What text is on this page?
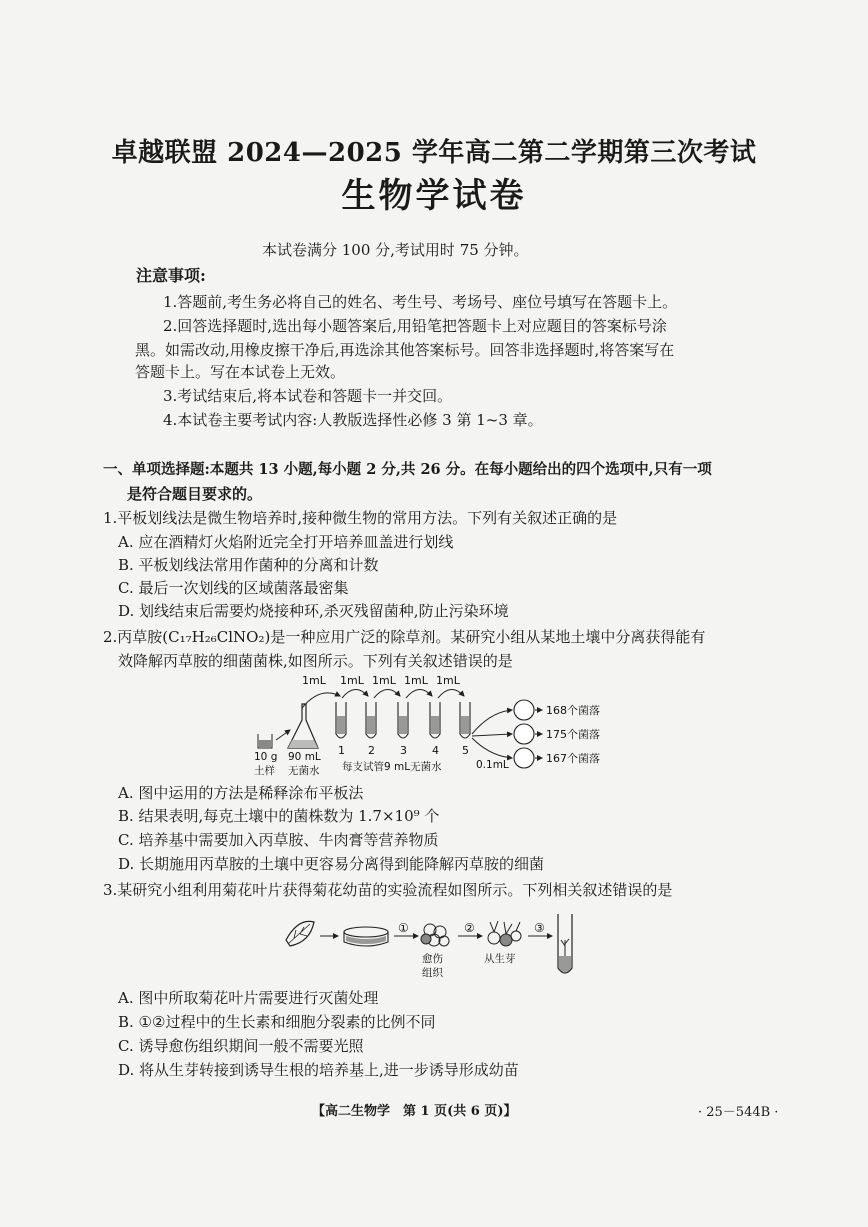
卓越联盟 2024—2025 学年高二第二学期第三次考试
生物学试卷
本试卷满分 100 分,考试用时 75 分钟。
注意事项:
1.答题前,考生务必将自己的姓名、考生号、考场号、座位号填写在答题卡上。
2.回答选择题时,选出每小题答案后,用铅笔把答题卡上对应题目的答案标号涂
黑。如需改动,用橡皮擦干净后,再选涂其他答案标号。回答非选择题时,将答案写在
答题卡上。写在本试卷上无效。
3.考试结束后,将本试卷和答题卡一并交回。
4.本试卷主要考试内容:人教版选择性必修 3 第 1~3 章。
一、单项选择题:本题共 13 小题,每小题 2 分,共 26 分。在每小题给出的四个选项中,只有一项
是符合题目要求的。
1.平板划线法是微生物培养时,接种微生物的常用方法。下列有关叙述正确的是
A. 应在酒精灯火焰附近完全打开培养皿盖进行划线
B. 平板划线法常用作菌种的分离和计数
C. 最后一次划线的区域菌落最密集
D. 划线结束后需要灼烧接种环,杀灭残留菌种,防止污染环境
2.丙草胺(C₁₇H₂₆ClNO₂)是一种应用广泛的除草剂。某研究小组从某地土壤中分离获得能有
效降解丙草胺的细菌菌株,如图所示。下列有关叙述错误的是
1mL 1mL 1mL 1mL 1mL
1 2 3 4 5
10 g
土样
90 mL
无菌水 每支试管9 mL无菌水	0.1mL
168个菌落
175个菌落
167个菌落
A. 图中运用的方法是稀释涂布平板法
B. 结果表明,每克土壤中的菌株数为 1.7×10⁹ 个
C. 培养基中需要加入丙草胺、牛肉膏等营养物质
D. 长期施用丙草胺的土壤中更容易分离得到能降解丙草胺的细菌
3.某研究小组利用菊花叶片获得菊花幼苗的实验流程如图所示。下列相关叙述错误的是
①	②	③
愈伤
组织
从生芽
A. 图中所取菊花叶片需要进行灭菌处理
B. ①②过程中的生长素和细胞分裂素的比例不同
C. 诱导愈伤组织期间一般不需要光照
D. 将从生芽转接到诱导生根的培养基上,进一步诱导形成幼苗
【高二生物学　第 1 页(共 6 页)】	· 25－544B ·
